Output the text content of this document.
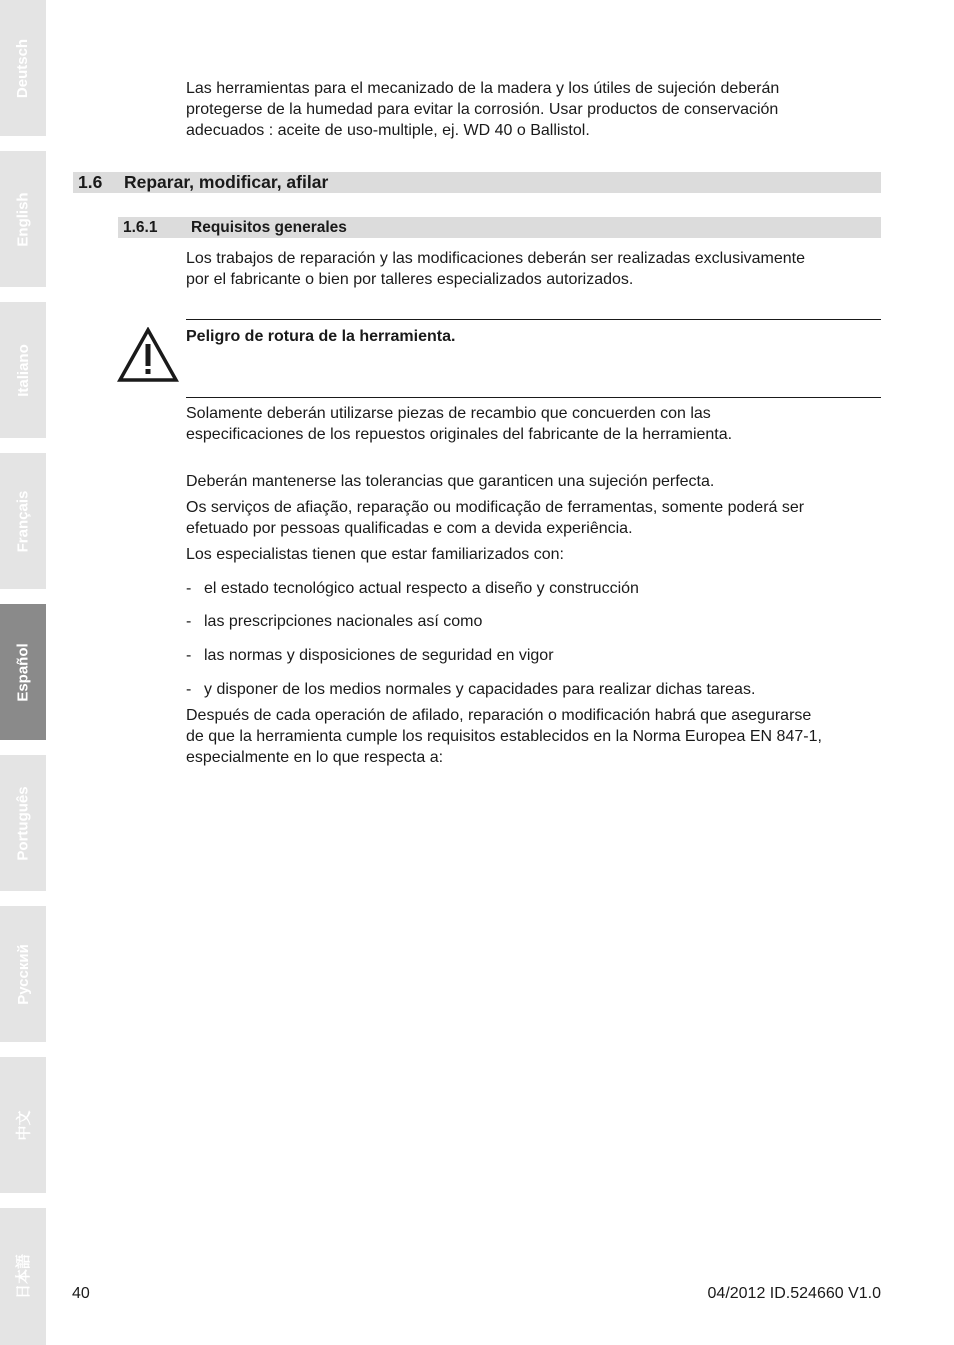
Deutsch
English
Italiano
Français
Español
Português
Русский
中文
日本語

Las herramientas para el mecanizado de la madera y los útiles de sujeción deberán

protegerse de la humedad para evitar la corrosión. Usar productos de conservación

adecuados : aceite de uso-multiple, ej. WD 40 o Ballistol.

1.6 Reparar, modificar, afilar
1.6.1 Requisitos generales

Los trabajos de reparación y las modificaciones deberán ser realizadas exclusivamente

por el fabricante o bien por talleres especializados autorizados.

Peligro de rotura de la herramienta.

Solamente deberán utilizarse piezas de recambio que concuerden con las

especificaciones de los repuestos originales del fabricante de la herramienta.

Deberán mantenerse las tolerancias que garanticen una sujeción perfecta.

Os serviços de afiação, reparação ou modificação de ferramentas, somente poderá ser

efetuado por pessoas qualificadas e com a devida experiência.

Los especialistas tienen que estar familiarizados con:

- el estado tecnológico actual respecto a diseño y construcción
- las prescripciones nacionales así como
- las normas y disposiciones de seguridad en vigor
- y disponer de los medios normales y capacidades para realizar dichas tareas.

Después de cada operación de afilado, reparación o modificación habrá que asegurarse

de que la herramienta cumple los requisitos establecidos en la Norma Europea EN 847-1,

especialmente en lo que respecta a:

40	04/2012 ID.524660 V1.0
